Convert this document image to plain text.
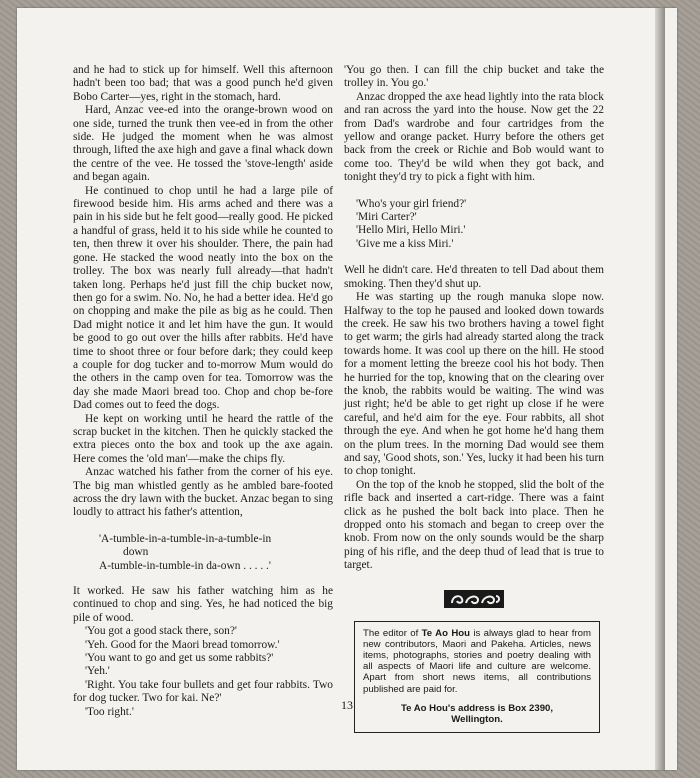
and he had to stick up for himself. Well this afternoon hadn't been too bad; that was a good punch he'd given Bobo Carter—yes, right in the stomach, hard.

Hard, Anzac vee-ed into the orange-brown wood on one side, turned the trunk then vee-ed in from the other side. He judged the moment when he was almost through, lifted the axe high and gave a final whack down the centre of the vee. He tossed the 'stove-length' aside and began again.

He continued to chop until he had a large pile of firewood beside him. His arms ached and there was a pain in his side but he felt good—really good. He picked a handful of grass, held it to his side while he counted to ten, then threw it over his shoulder. There, the pain had gone. He stacked the wood neatly into the box on the trolley. The box was nearly full already—that hadn't taken long. Perhaps he'd just fill the chip bucket now, then go for a swim. No. No, he had a better idea. He'd go on chopping and make the pile as big as he could. Then Dad might notice it and let him have the gun. It would be good to go out over the hills after rabbits. He'd have time to shoot three or four before dark; they could keep a couple for dog tucker and to-morrow Mum would do the others in the camp oven for tea. Tomorrow was the day she made Maori bread too. Chop and chop be-fore Dad comes out to feed the dogs.

He kept on working until he heard the rattle of the scrap bucket in the kitchen. Then he quickly stacked the extra pieces onto the box and took up the axe again. Here comes the 'old man'—make the chips fly.

Anzac watched his father from the corner of his eye. The big man whistled gently as he ambled bare-footed across the dry lawn with the bucket. Anzac began to sing loudly to attract his father's attention,

'A-tumble-in-a-tumble-in-a-tumble-in
down
A-tumble-in-tumble-in da-own . . . . .'

It worked. He saw his father watching him as he continued to chop and sing. Yes, he had noticed the big pile of wood.

'You got a good stack there, son?'

'Yeh. Good for the Maori bread tomorrow.'

'You want to go and get us some rabbits?'

'Yeh.'

'Right. You take four bullets and get four rabbits. Two for dog tucker. Two for kai. Ne?'

'Too right.'

'You go then. I can fill the chip bucket and take the trolley in. You go.'

Anzac dropped the axe head lightly into the rata block and ran across the yard into the house. Now get the 22 from Dad's wardrobe and four cartridges from the yellow and orange packet. Hurry before the others get back from the creek or Richie and Bob would want to come too. They'd be wild when they got back, and tonight they'd try to pick a fight with him.

'Who's your girl friend?'
'Miri Carter?'
'Hello Miri, Hello Miri.'
'Give me a kiss Miri.'

Well he didn't care. He'd threaten to tell Dad about them smoking. Then they'd shut up.

He was starting up the rough manuka slope now. Halfway to the top he paused and looked down towards the creek. He saw his two brothers having a towel fight to get warm; the girls had already started along the track towards home. It was cool up there on the hill. He stood for a moment letting the breeze cool his hot body. Then he hurried for the top, knowing that on the clearing over the knob, the rabbits would be waiting. The wind was just right; he'd be able to get right up close if he were careful, and he'd aim for the eye. Four rabbits, all shot through the eye. And when he got home he'd hang them on the plum trees. In the morning Dad would see them and say, 'Good shots, son.' Yes, lucky it had been his turn to chop tonight.

On the top of the knob he stopped, slid the bolt of the rifle back and inserted a cart-ridge. There was a faint click as he pushed the bolt back into place. Then he dropped onto his stomach and began to creep over the knob. From now on the only sounds would be the sharp ping of his rifle, and the deep thud of lead that is true to target.

The editor of Te Ao Hou is always glad to hear from new contributors, Maori and Pakeha. Articles, news items, photographs, stories and poetry dealing with all aspects of Maori life and culture are welcome. Apart from short news items, all contributions published are paid for.

Te Ao Hou's address is Box 2390,
Wellington.

13
